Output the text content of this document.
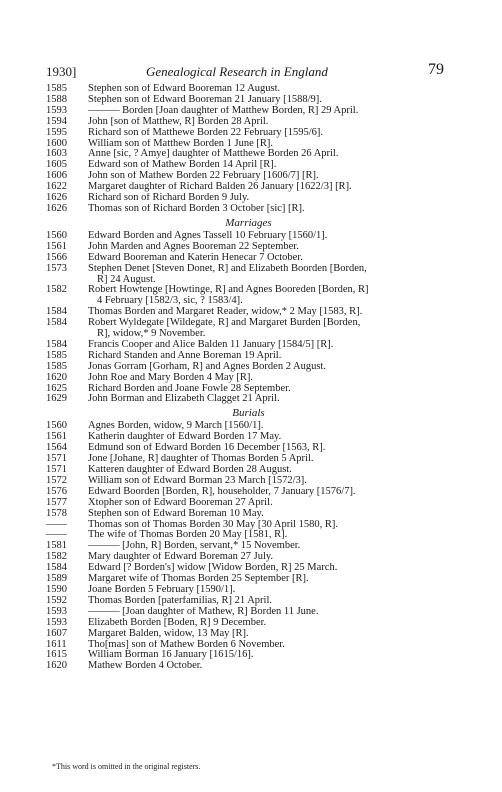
1930]	Genealogical Research in England	79
1585	Stephen son of Edward Booreman 12 August.
1588	Stephen son of Edward Booreman 21 January [1588/9].
1593	——— Borden [Joan daughter of Matthew Borden, R] 29 April.
1594	John [son of Matthew, R] Borden 28 April.
1595	Richard son of Matthewe Borden 22 February [1595/6].
1600	William son of Matthew Borden 1 June [R].
1603	Anne [sic, ? Amye] daughter of Matthewe Borden 26 April.
1605	Edward son of Mathew Borden 14 April [R].
1606	John son of Mathew Borden 22 February [1606/7] [R].
1622	Margaret daughter of Richard Balden 26 January [1622/3] [R].
1626	Richard son of Richard Borden 9 July.
1626	Thomas son of Richard Borden 3 October [sic] [R].
Marriages
1560	Edward Borden and Agnes Tassell 10 February [1560/1].
1561	John Marden and Agnes Booreman 22 September.
1566	Edward Booreman and Katerin Henecar 7 October.
1573	Stephen Denet [Steven Donet, R] and Elizabeth Boorden [Borden,
R] 24 August.
1582	Robert Howtenge [Howtinge, R] and Agnes Booreden [Borden, R]
4 February [1582/3, sic, ? 1583/4].
1584	Thomas Borden and Margaret Reader, widow,* 2 May [1583, R].
1584	Robert Wyldegate [Wildegate, R] and Margaret Burden [Borden,
R], widow,* 9 November.
1584	Francis Cooper and Alice Balden 11 January [1584/5] [R].
1585	Richard Standen and Anne Boreman 19 April.
1585	Jonas Gorram [Gorham, R] and Agnes Borden 2 August.
1620	John Roe and Mary Borden 4 May [R].
1625	Richard Borden and Joane Fowle 28 September.
1629	John Borman and Elizabeth Clagget 21 April.
Burials
1560	Agnes Borden, widow, 9 March [1560/1].
1561	Katherin daughter of Edward Borden 17 May.
1564	Edmund son of Edward Borden 16 December [1563, R].
1571	Jone [Johane, R] daughter of Thomas Borden 5 April.
1571	Katteren daughter of Edward Borden 28 August.
1572	William son of Edward Borman 23 March [1572/3].
1576	Edward Boorden [Borden, R], householder, 7 January [1576/7].
1577	Xtopher son of Edward Booreman 27 April.
1578	Stephen son of Edward Boreman 10 May.
——	Thomas son of Thomas Borden 30 May [30 April 1580, R].
——	The wife of Thomas Borden 20 May [1581, R].
1581	——— [John, R] Borden, servant,* 15 November.
1582	Mary daughter of Edward Boreman 27 July.
1584	Edward [? Borden's] widow [Widow Borden, R] 25 March.
1589	Margaret wife of Thomas Borden 25 September [R].
1590	Joane Borden 5 February [1590/1].
1592	Thomas Borden [paterfamilias, R] 21 April.
1593	——— [Joan daughter of Mathew, R] Borden 11 June.
1593	Elizabeth Borden [Boden, R] 9 December.
1607	Margaret Balden, widow, 13 May [R].
1611	Tho[mas] son of Mathew Borden 6 November.
1615	William Borman 16 January [1615/16].
1620	Mathew Borden 4 October.
*This word is omitted in the original registers.
